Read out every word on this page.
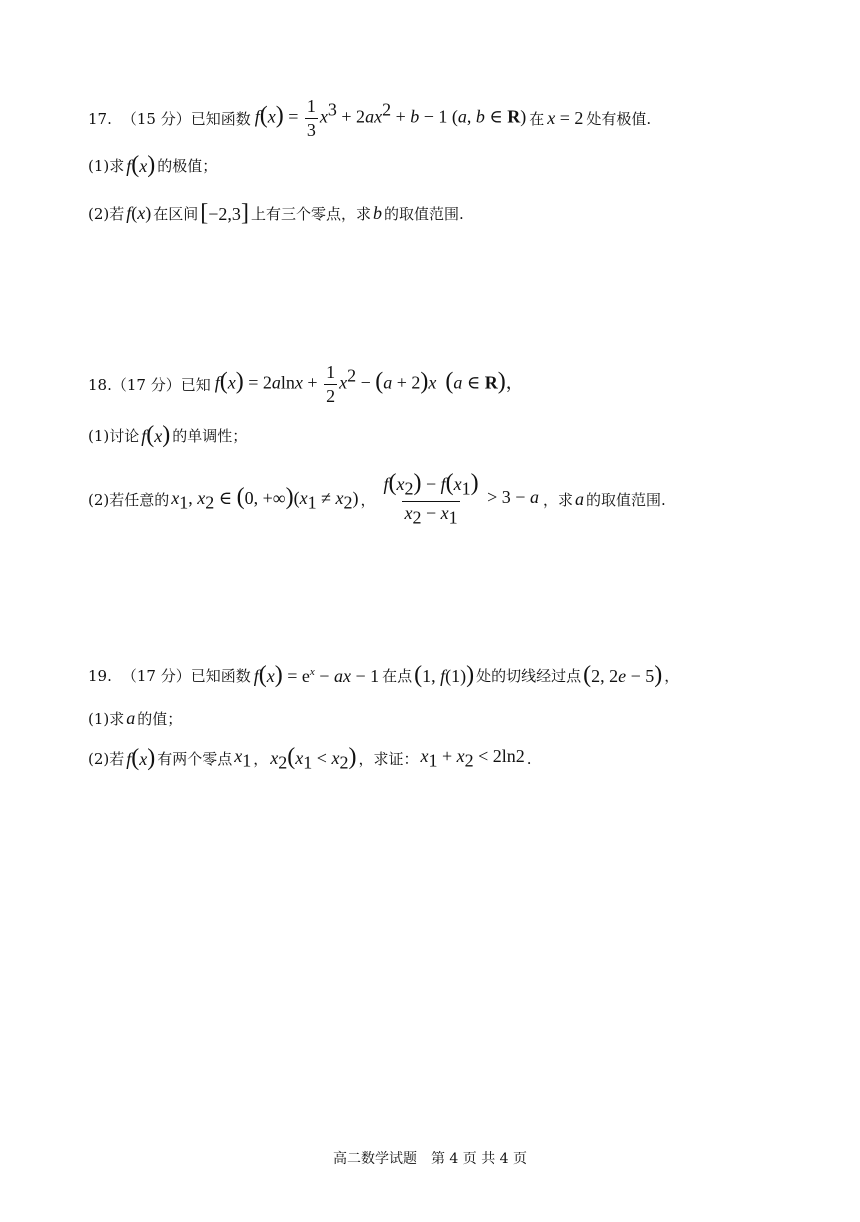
17. （15 分） 已知函数 $f(x) = \frac{1}{3} x^3 + 2ax^2 + b - 1$ (a, b ∈ R) 在 x = 2 处有极值.
(1)求 f(x) 的极值；
(2)若 f(x) 在区间 [−2,3] 上有三个零点，求 b 的取值范围.
18. （17 分） 已知 $f(x) = 2alnx + \frac{1}{2} x^2 - (a + 2)x$ (a ∈ R)，
(1)讨论 f(x) 的单调性；
(2)若任意的 $x_1$, $x_2$ ∈ (0, $+\infty)(x_1 \ne x_2)$ ， $\frac{f(x_2) - f(x_1)}{x_2 - x_1} > 3 - a$ ，求 a 的取值范围.
19. （17 分） 已知函数 $f(x) = e^x$ − ax − 1 在点 (1, f(1)) 处的切线经过点 (2, 2e − 5) ，
(1)求 a 的值；
(2)若 f(x) 有两个零点 $x_1$ ， $x_2(x_1 < x_2)$ ，求证： $x_1 + x_2 < 2\ln 2$ .
高二数学试题　第 4 页 共 4 页
